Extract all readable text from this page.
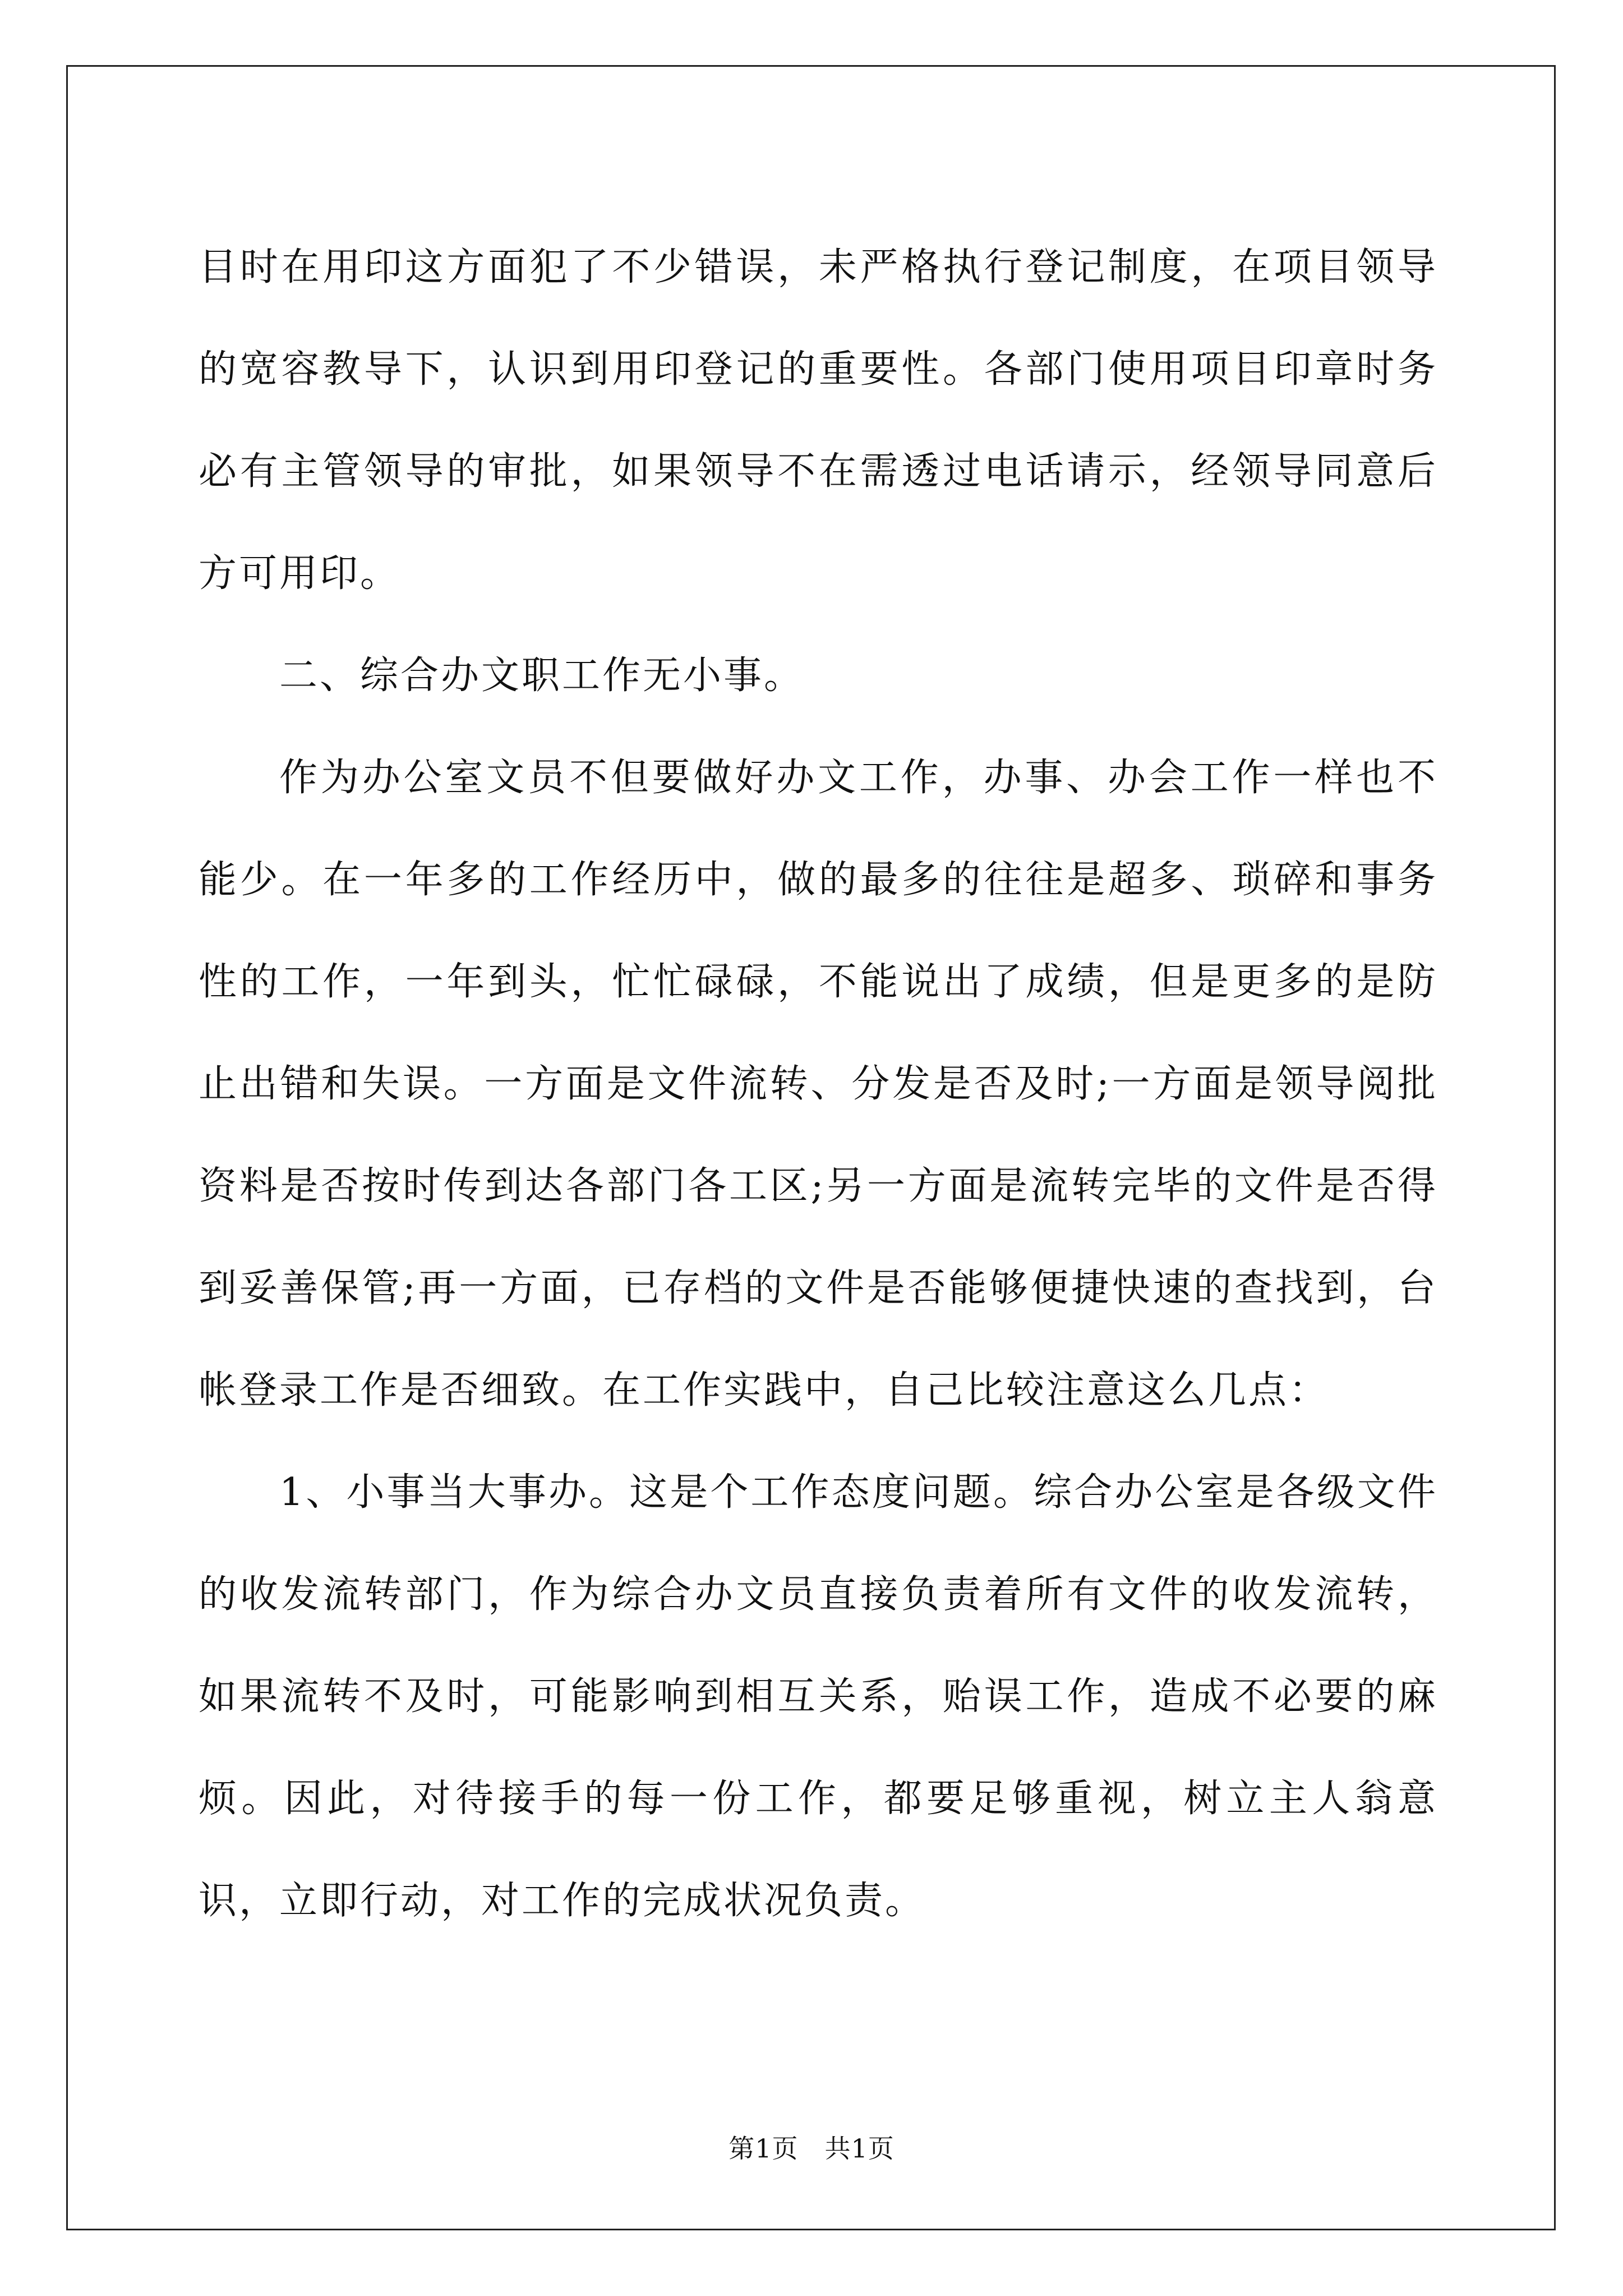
目时在用印这方面犯了不少错误，未严格执行登记制度，在项目领导的宽容教导下，认识到用印登记的重要性。各部门使用项目印章时务必有主管领导的审批，如果领导不在需透过电话请示，经领导同意后方可用印。

二、综合办文职工作无小事。

作为办公室文员不但要做好办文工作，办事、办会工作一样也不能少。在一年多的工作经历中，做的最多的往往是超多、琐碎和事务性的工作，一年到头，忙忙碌碌，不能说出了成绩，但是更多的是防止出错和失误。一方面是文件流转、分发是否及时;一方面是领导阅批资料是否按时传到达各部门各工区;另一方面是流转完毕的文件是否得到妥善保管;再一方面，已存档的文件是否能够便捷快速的查找到，台帐登录工作是否细致。在工作实践中，自己比较注意这么几点：

1、小事当大事办。这是个工作态度问题。综合办公室是各级文件的收发流转部门，作为综合办文员直接负责着所有文件的收发流转，如果流转不及时，可能影响到相互关系，贻误工作，造成不必要的麻烦。因此，对待接手的每一份工作，都要足够重视，树立主人翁意识，立即行动，对工作的完成状况负责。

第1页　共1页
